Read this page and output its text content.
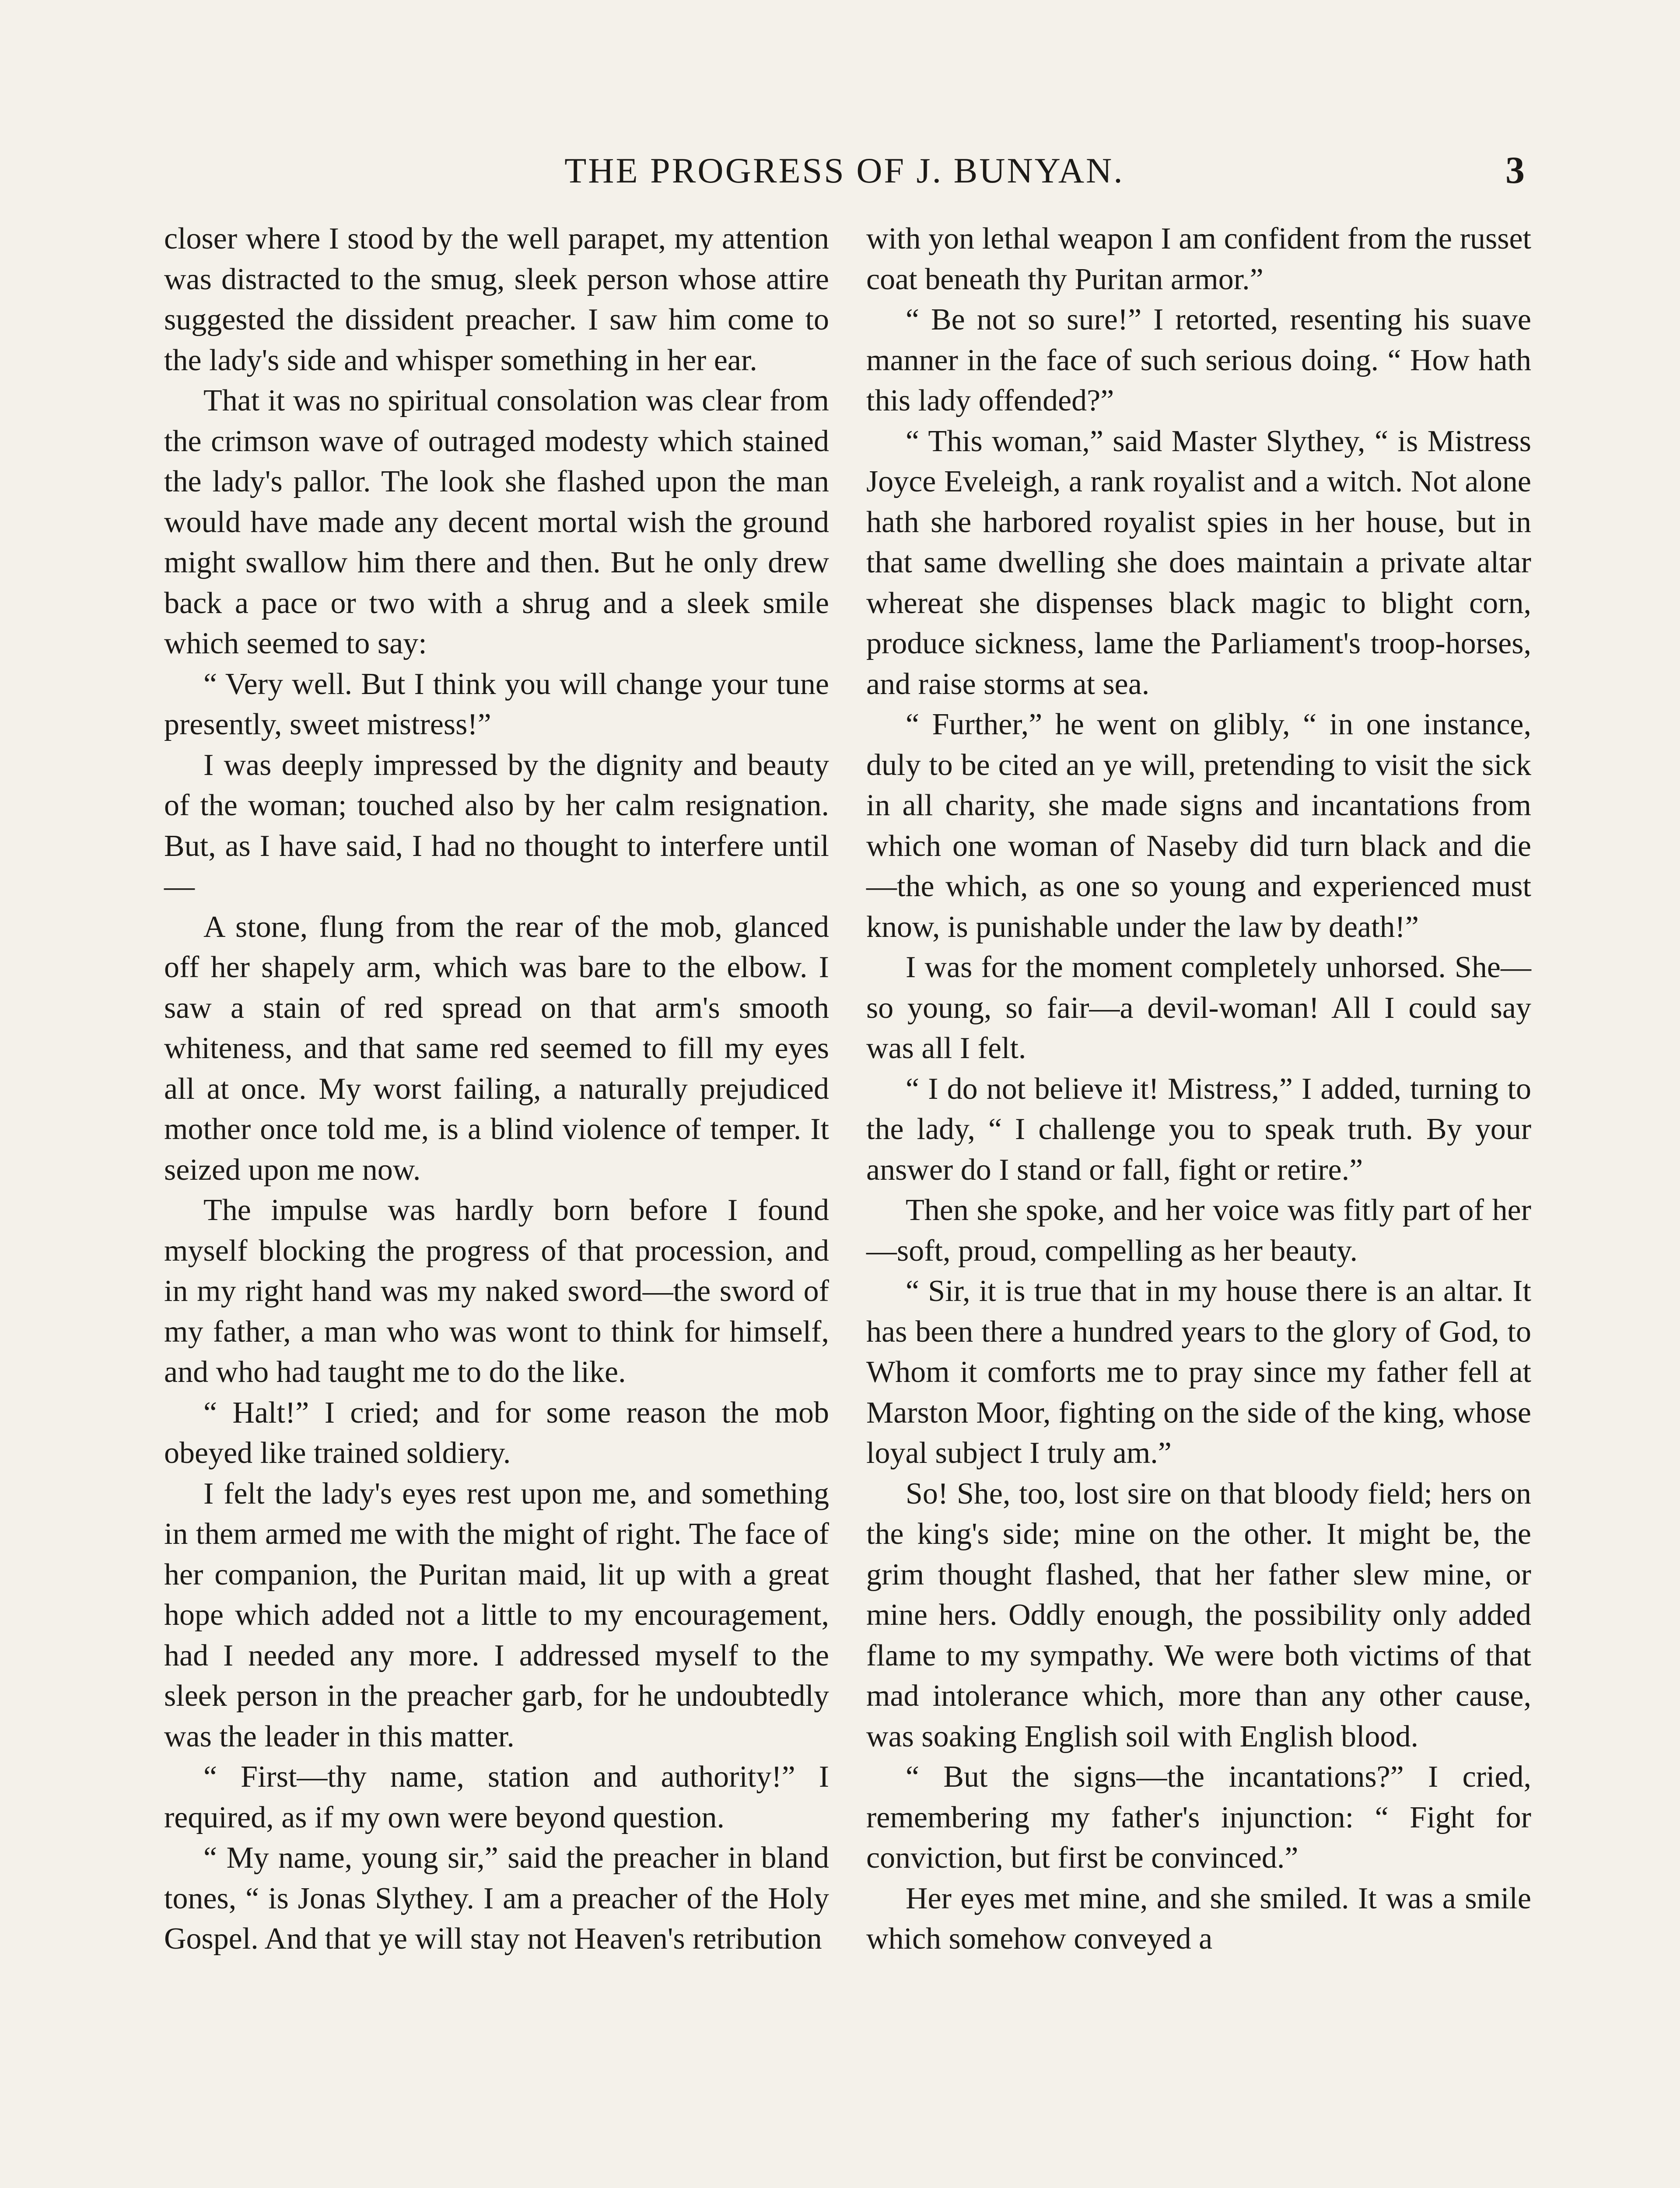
THE PROGRESS OF J. BUNYAN.	3

closer where I stood by the well parapet, my attention was distracted to the smug, sleek person whose attire suggested the dissident preacher. I saw him come to the lady's side and whisper something in her ear.

That it was no spiritual consolation was clear from the crimson wave of outraged modesty which stained the lady's pallor. The look she flashed upon the man would have made any decent mortal wish the ground might swallow him there and then. But he only drew back a pace or two with a shrug and a sleek smile which seemed to say:

“ Very well. But I think you will change your tune presently, sweet mistress!”

I was deeply impressed by the dignity and beauty of the woman; touched also by her calm resignation. But, as I have said, I had no thought to interfere until—

A stone, flung from the rear of the mob, glanced off her shapely arm, which was bare to the elbow. I saw a stain of red spread on that arm's smooth whiteness, and that same red seemed to fill my eyes all at once. My worst failing, a naturally prejudiced mother once told me, is a blind violence of temper. It seized upon me now.

The impulse was hardly born before I found myself blocking the progress of that procession, and in my right hand was my naked sword—the sword of my father, a man who was wont to think for himself, and who had taught me to do the like.

“ Halt!” I cried; and for some reason the mob obeyed like trained soldiery.

I felt the lady's eyes rest upon me, and something in them armed me with the might of right. The face of her companion, the Puritan maid, lit up with a great hope which added not a little to my encouragement, had I needed any more. I addressed myself to the sleek person in the preacher garb, for he undoubtedly was the leader in this matter.

“ First—thy name, station and authority!” I required, as if my own were beyond question.

“ My name, young sir,” said the preacher in bland tones, “ is Jonas Slythey. I am a preacher of the Holy Gospel. And that ye will stay not Heaven's retribution

with yon lethal weapon I am confident from the russet coat beneath thy Puritan armor.”

“ Be not so sure!” I retorted, resenting his suave manner in the face of such serious doing. “ How hath this lady offended?”

“ This woman,” said Master Slythey, “ is Mistress Joyce Eveleigh, a rank royalist and a witch. Not alone hath she harbored royalist spies in her house, but in that same dwelling she does maintain a private altar whereat she dispenses black magic to blight corn, produce sickness, lame the Parliament's troop-horses, and raise storms at sea.

“ Further,” he went on glibly, “ in one instance, duly to be cited an ye will, pretending to visit the sick in all charity, she made signs and incantations from which one woman of Naseby did turn black and die —the which, as one so young and experienced must know, is punishable under the law by death!”

I was for the moment completely unhorsed. She—so young, so fair—a devil-woman! All I could say was all I felt.

“ I do not believe it! Mistress,” I added, turning to the lady, “ I challenge you to speak truth. By your answer do I stand or fall, fight or retire.”

Then she spoke, and her voice was fitly part of her—soft, proud, compelling as her beauty.

“ Sir, it is true that in my house there is an altar. It has been there a hundred years to the glory of God, to Whom it comforts me to pray since my father fell at Marston Moor, fighting on the side of the king, whose loyal subject I truly am.”

So! She, too, lost sire on that bloody field; hers on the king's side; mine on the other. It might be, the grim thought flashed, that her father slew mine, or mine hers. Oddly enough, the possibility only added flame to my sympathy. We were both victims of that mad intolerance which, more than any other cause, was soaking English soil with English blood.

“ But the signs—the incantations?” I cried, remembering my father's injunction: “ Fight for conviction, but first be convinced.”

Her eyes met mine, and she smiled. It was a smile which somehow conveyed a
